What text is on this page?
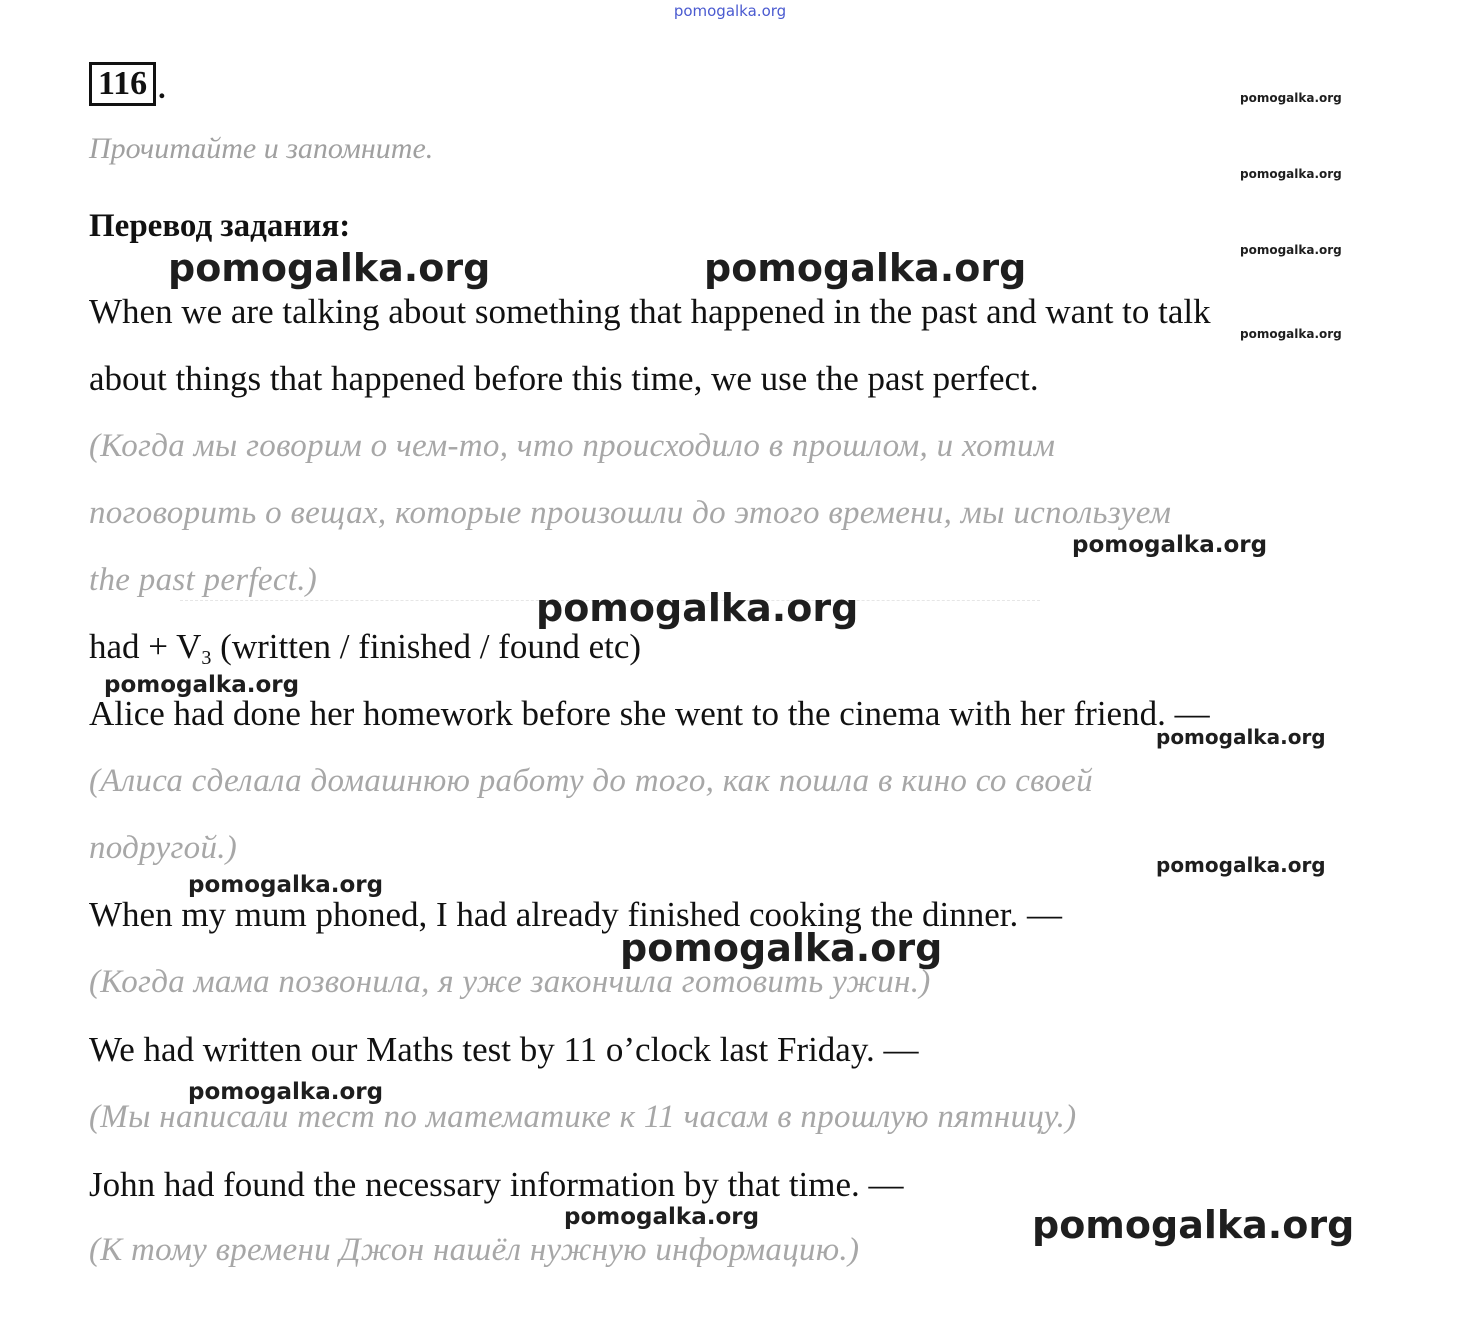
pomogalka.org
116 .
Прочитайте и запомните.
Перевод задания:
When we are talking about something that happened in the past and want to talk
about things that happened before this time, we use the past perfect.
(Когда мы говорим о чем-то, что происходило в прошлом, и хотим
поговорить о вещах, которые произошли до этого времени, мы используем
the past perfect.)
had + $V_3$ (written / finished / found etc)
Alice had done her homework before she went to the cinema with her friend. —
(Алиса сделала домашнюю работу до того, как пошла в кино со своей
подругой.)
When my mum phoned, I had already finished cooking the dinner. —
(Когда мама позвонила, я уже закончила готовить ужин.)
We had written our Maths test by 11 o’clock last Friday. —
(Мы написали тест по математике к 11 часам в прошлую пятницу.)
John had found the necessary information by that time. —
(К тому времени Джон нашёл нужную информацию.)
pomogalka.org
pomogalka.org
pomogalka.org
pomogalka.org
pomogalka.org	pomogalka.org
pomogalka.org
pomogalka.org
pomogalka.org
pomogalka.org
pomogalka.org
pomogalka.org
pomogalka.org
pomogalka.org
pomogalka.org	pomogalka.org
